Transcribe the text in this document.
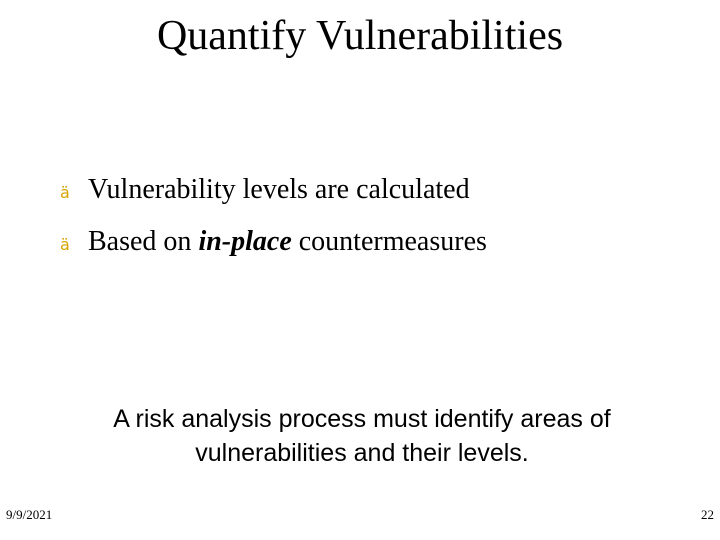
Quantify Vulnerabilities
ä Vulnerability levels are calculated
ä Based on in-place countermeasures
A risk analysis process must identify areas of
vulnerabilities and their levels.
9/9/2021	22
